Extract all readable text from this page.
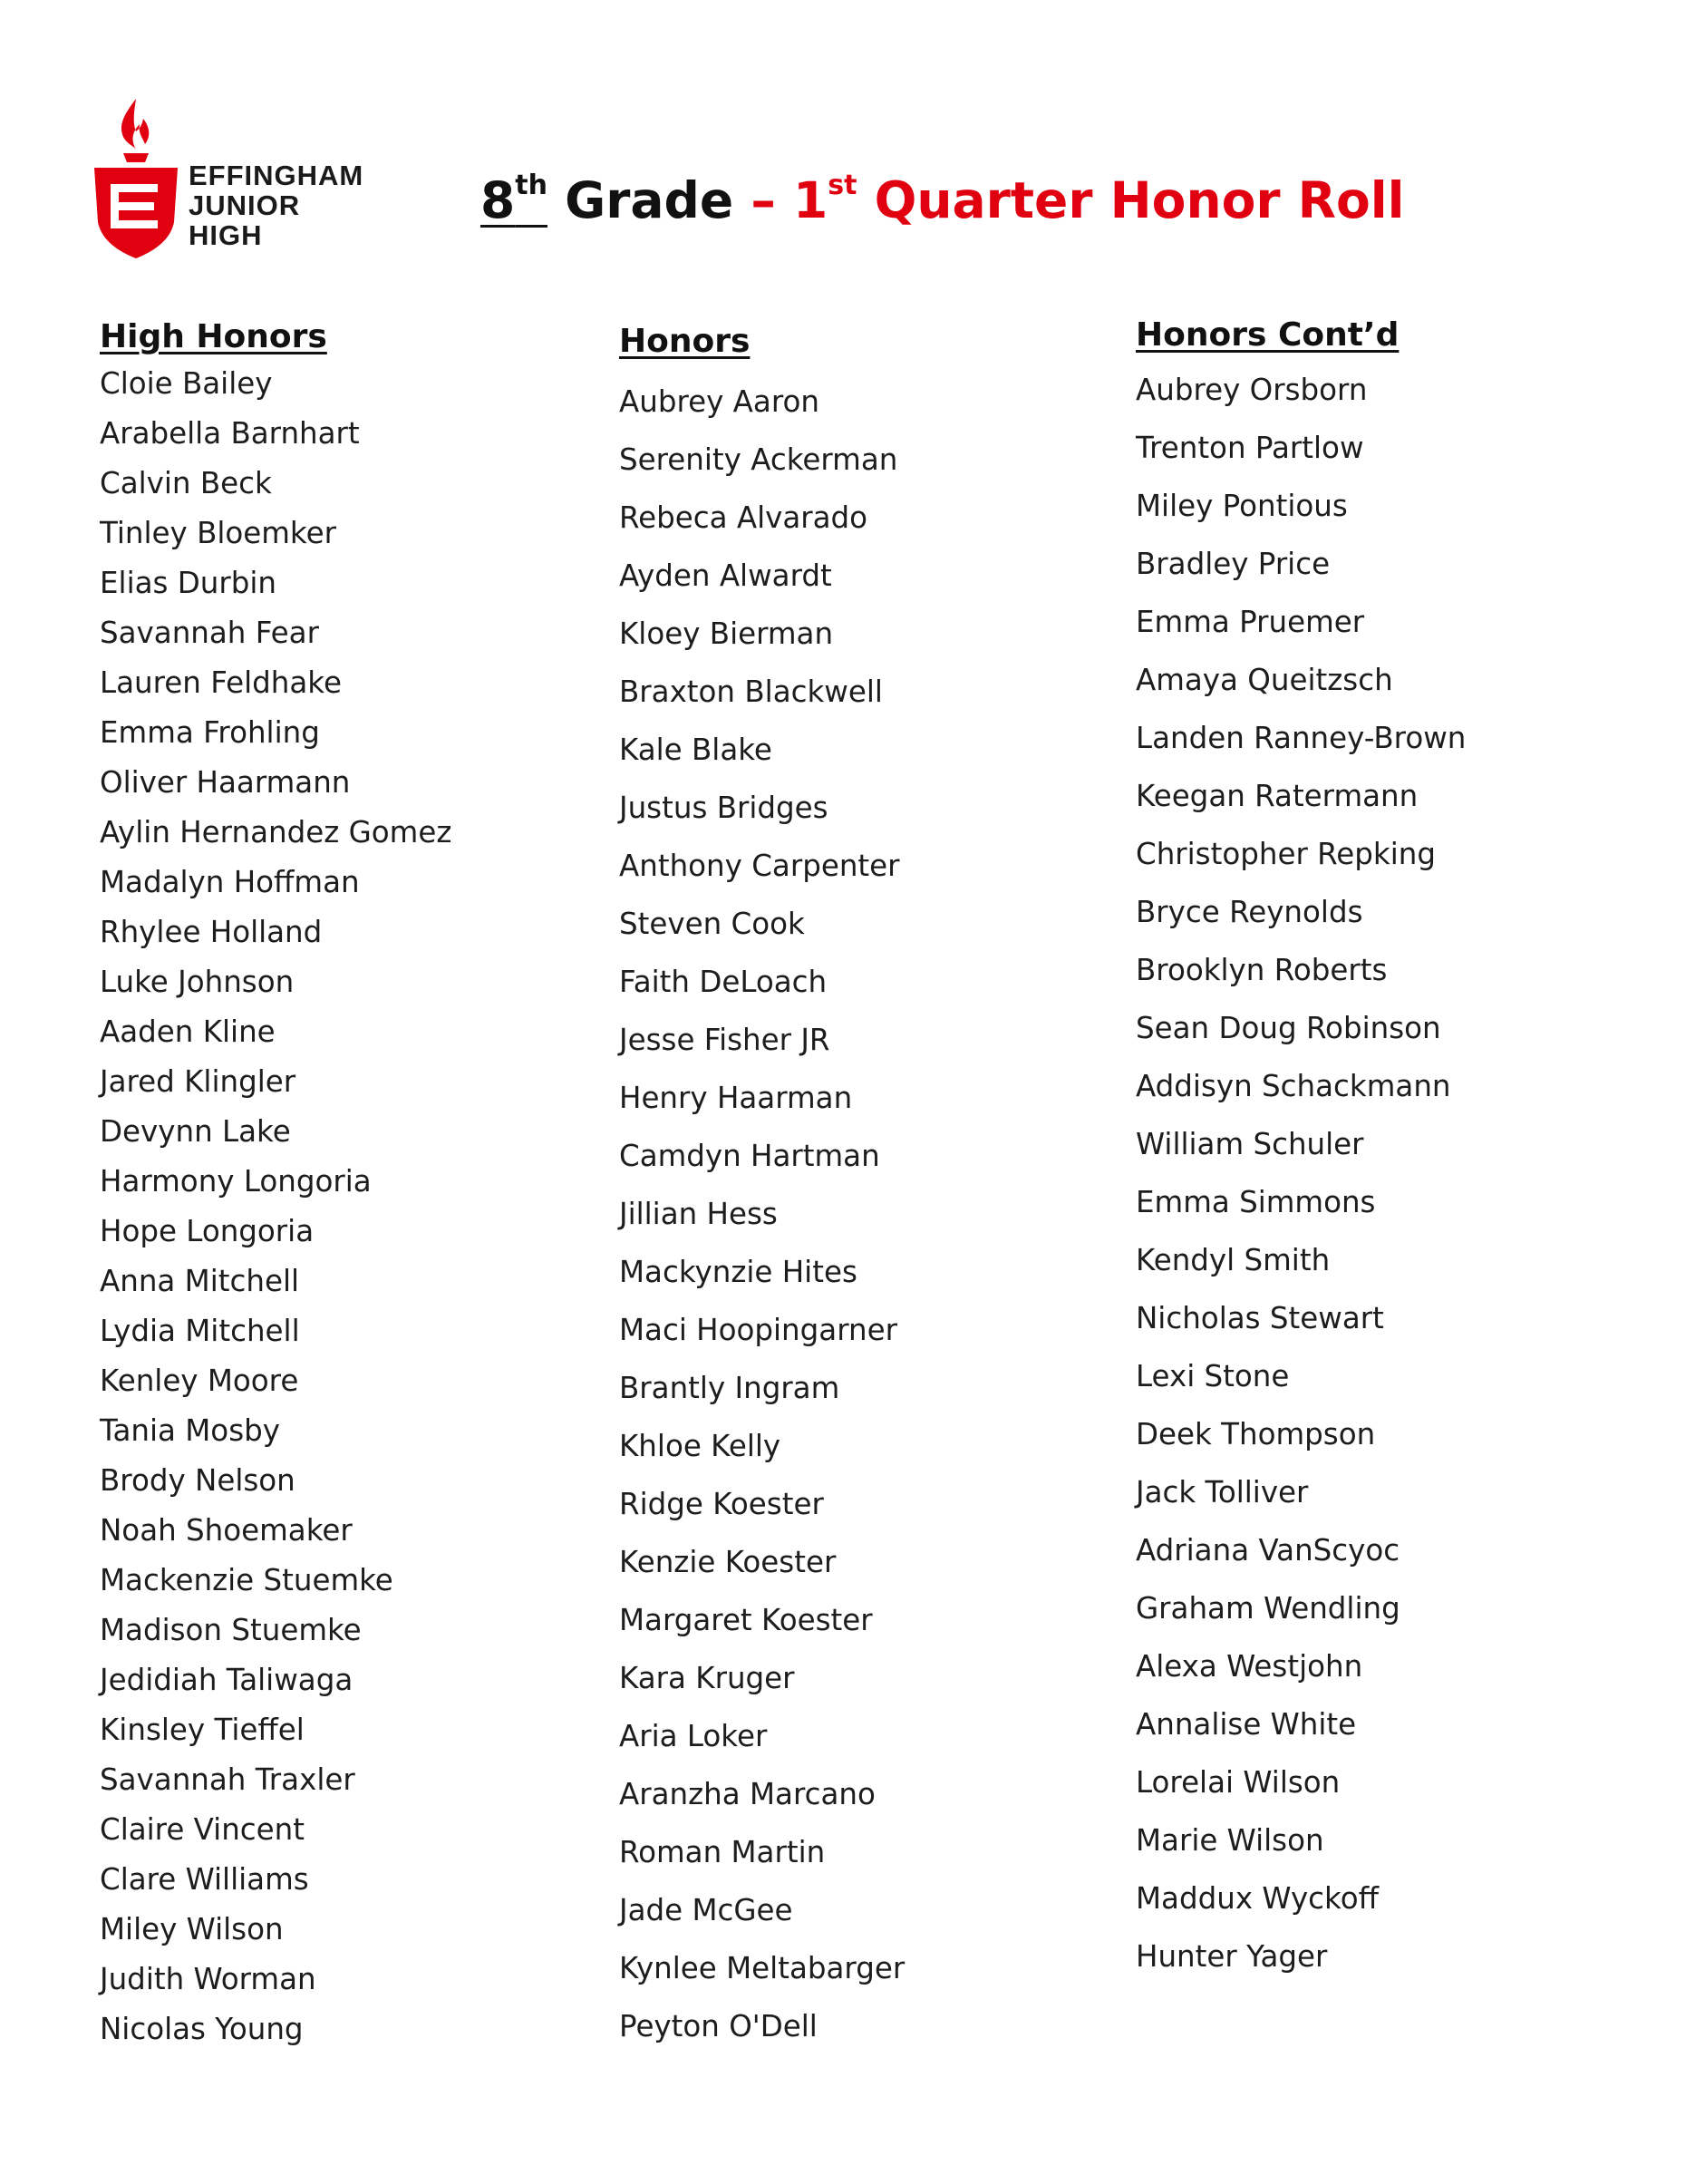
EFFINGHAM
JUNIOR
HIGH
8th Grade – 1st Quarter Honor Roll
High Honors
Cloie Bailey
Arabella Barnhart
Calvin Beck
Tinley Bloemker
Elias Durbin
Savannah Fear
Lauren Feldhake
Emma Frohling
Oliver Haarmann
Aylin Hernandez Gomez
Madalyn Hoffman
Rhylee Holland
Luke Johnson
Aaden Kline
Jared Klingler
Devynn Lake
Harmony Longoria
Hope Longoria
Anna Mitchell
Lydia Mitchell
Kenley Moore
Tania Mosby
Brody Nelson
Noah Shoemaker
Mackenzie Stuemke
Madison Stuemke
Jedidiah Taliwaga
Kinsley Tieffel
Savannah Traxler
Claire Vincent
Clare Williams
Miley Wilson
Judith Worman
Nicolas Young
Honors
Aubrey Aaron
Serenity Ackerman
Rebeca Alvarado
Ayden Alwardt
Kloey Bierman
Braxton Blackwell
Kale Blake
Justus Bridges
Anthony Carpenter
Steven Cook
Faith DeLoach
Jesse Fisher JR
Henry Haarman
Camdyn Hartman
Jillian Hess
Mackynzie Hites
Maci Hoopingarner
Brantly Ingram
Khloe Kelly
Ridge Koester
Kenzie Koester
Margaret Koester
Kara Kruger
Aria Loker
Aranzha Marcano
Roman Martin
Jade McGee
Kynlee Meltabarger
Peyton O'Dell
Honors Cont’d
Aubrey Orsborn
Trenton Partlow
Miley Pontious
Bradley Price
Emma Pruemer
Amaya Queitzsch
Landen Ranney-Brown
Keegan Ratermann
Christopher Repking
Bryce Reynolds
Brooklyn Roberts
Sean Doug Robinson
Addisyn Schackmann
William Schuler
Emma Simmons
Kendyl Smith
Nicholas Stewart
Lexi Stone
Deek Thompson
Jack Tolliver
Adriana VanScyoc
Graham Wendling
Alexa Westjohn
Annalise White
Lorelai Wilson
Marie Wilson
Maddux Wyckoff
Hunter Yager
